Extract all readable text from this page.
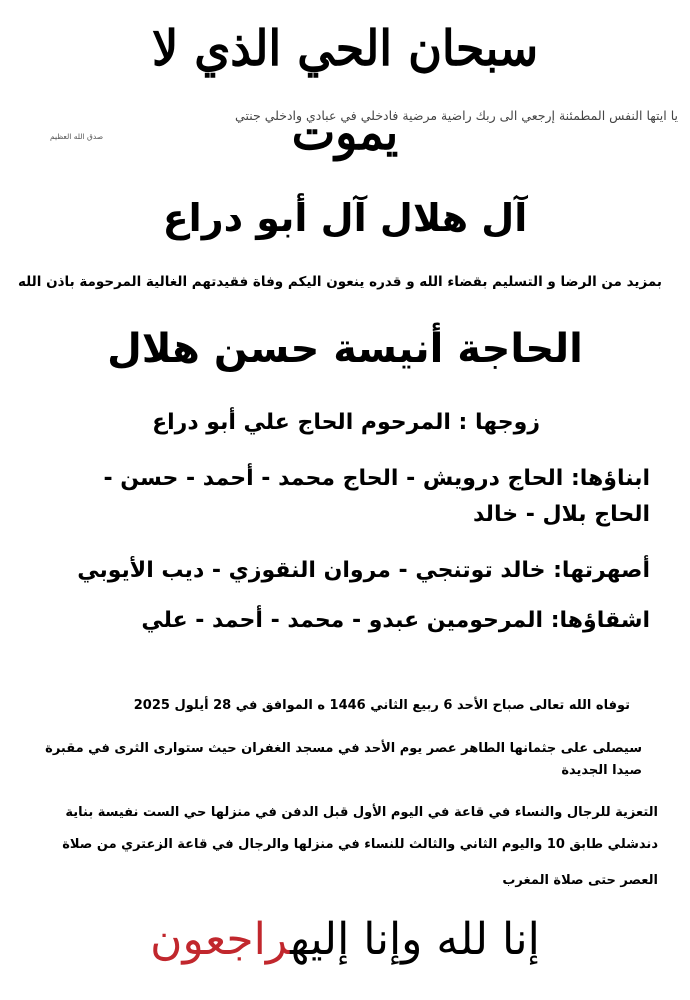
سبحان الحي الذي لا يموت
يا ايتها النفس المطمئنة إرجعي الى ربك راضية مرضية فادخلي في عبادي وادخلي جنتي
صدق الله العظيم
آل هلال آل أبو دراع
بمزيد من الرضا و التسليم بقضاء الله و قدره ينعون اليكم وفاة فقيدتهم الغالية المرحومة باذن الله
الحاجة أنيسة حسن هلال
زوجها : المرحوم الحاج علي أبو دراع
ابناؤها: الحاج درويش - الحاج محمد - أحمد - حسن -
الحاج بلال - خالد
أصهرتها: خالد توتنجي - مروان النقوزي - ديب الأيوبي
اشقاؤها: المرحومين عبدو - محمد - أحمد - علي
توفاه الله تعالى صباح الأحد 6 ربيع الثاني 1446 ه الموافق في 28 أيلول 2025
سيصلى على جثمانها الطاهر عصر يوم الأحد في مسجد الغفران حيث ستوارى الثرى في مقبرة
صيدا الجديدة
التعزية للرجال والنساء في قاعة في اليوم الأول قبل الدفن في منزلها حي الست نفيسة بناية
دندشلي طابق 10 واليوم الثاني والثالث للنساء في منزلها والرجال في قاعة الزعتري من صلاة
العصر حتى صلاة المغرب
إنا لله وإنا إليهراجعون
